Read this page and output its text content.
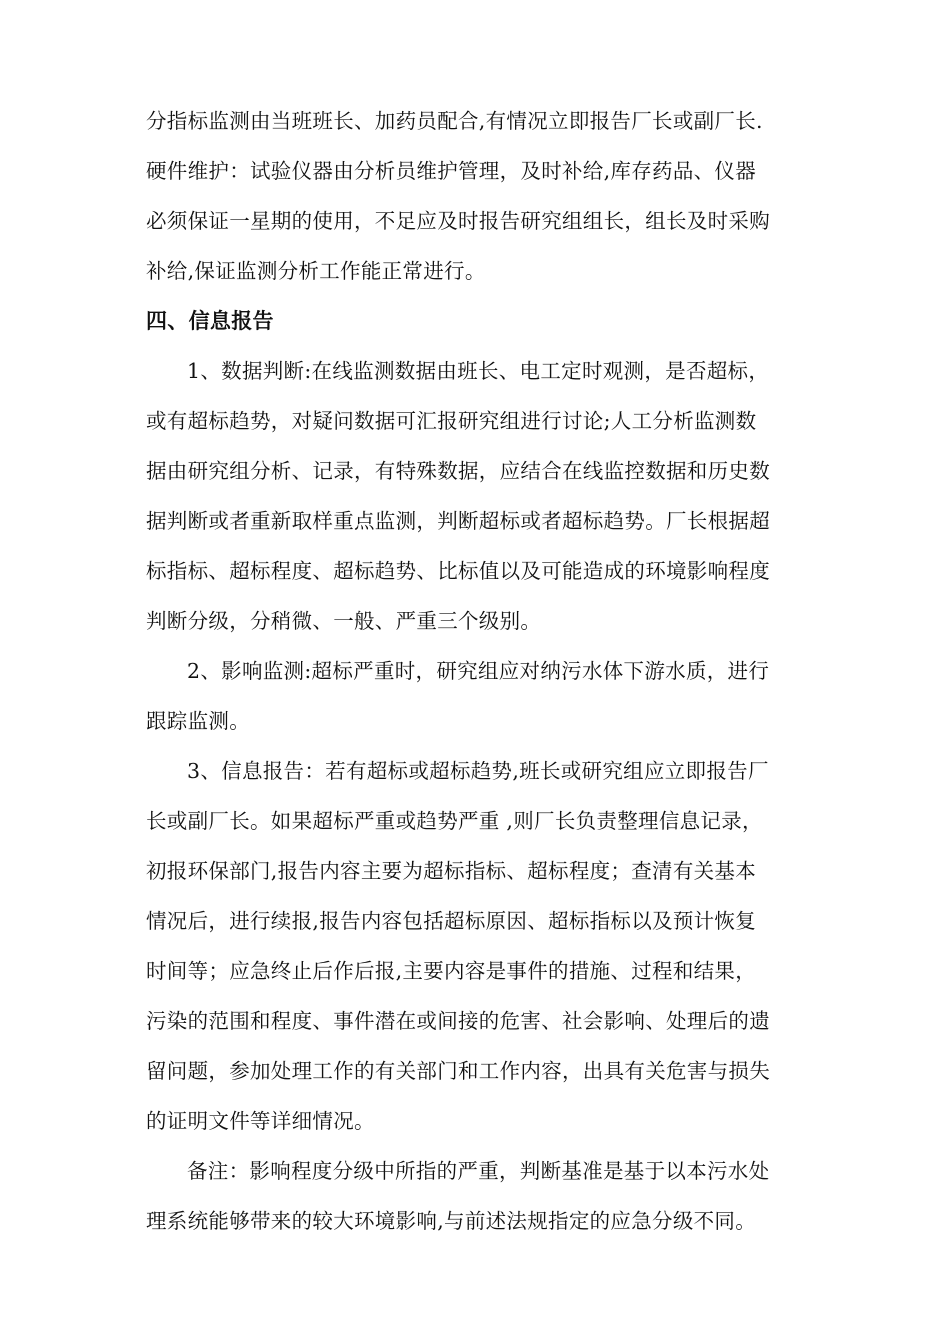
分指标监测由当班班长、加药员配合,有情况立即报告厂长或副厂长.
硬件维护：试验仪器由分析员维护管理，及时补给,库存药品、仪器
必须保证一星期的使用，不足应及时报告研究组组长，组长及时采购
补给,保证监测分析工作能正常进行。
四、信息报告
1、数据判断:在线监测数据由班长、电工定时观测，是否超标，
或有超标趋势，对疑问数据可汇报研究组进行讨论;人工分析监测数
据由研究组分析、记录，有特殊数据，应结合在线监控数据和历史数
据判断或者重新取样重点监测，判断超标或者超标趋势。厂长根据超
标指标、超标程度、超标趋势、比标值以及可能造成的环境影响程度
判断分级，分稍微、一般、严重三个级别。
2、影响监测:超标严重时，研究组应对纳污水体下游水质，进行
跟踪监测。
3、信息报告：若有超标或超标趋势,班长或研究组应立即报告厂
长或副厂长。如果超标严重或趋势严重 ,则厂长负责整理信息记录，
初报环保部门,报告内容主要为超标指标、超标程度；查清有关基本
情况后，进行续报,报告内容包括超标原因、超标指标以及预计恢复
时间等；应急终止后作后报,主要内容是事件的措施、过程和结果，
污染的范围和程度、事件潜在或间接的危害、社会影响、处理后的遗
留问题，参加处理工作的有关部门和工作内容，出具有关危害与损失
的证明文件等详细情况。
备注：影响程度分级中所指的严重，判断基准是基于以本污水处
理系统能够带来的较大环境影响,与前述法规指定的应急分级不同。
